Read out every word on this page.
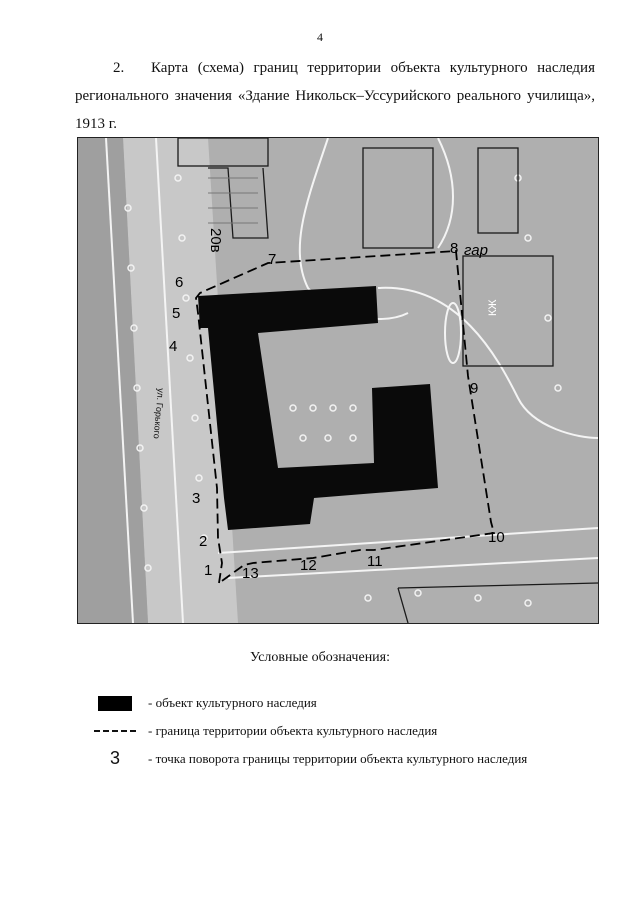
4
2. Карта (схема) границ территории объекта культурного наследия регионального значения «Здание Никольск–Уссурийского реального училища», 1913 г.
1
2
3
4
5
6
7
8
9
10
11
12
13
20в	гар
КЖ
ул. Горького
Условные обозначения:
- объект культурного наследия
- граница территории объекта культурного наследия
3 - точка поворота границы территории объекта культурного наследия
